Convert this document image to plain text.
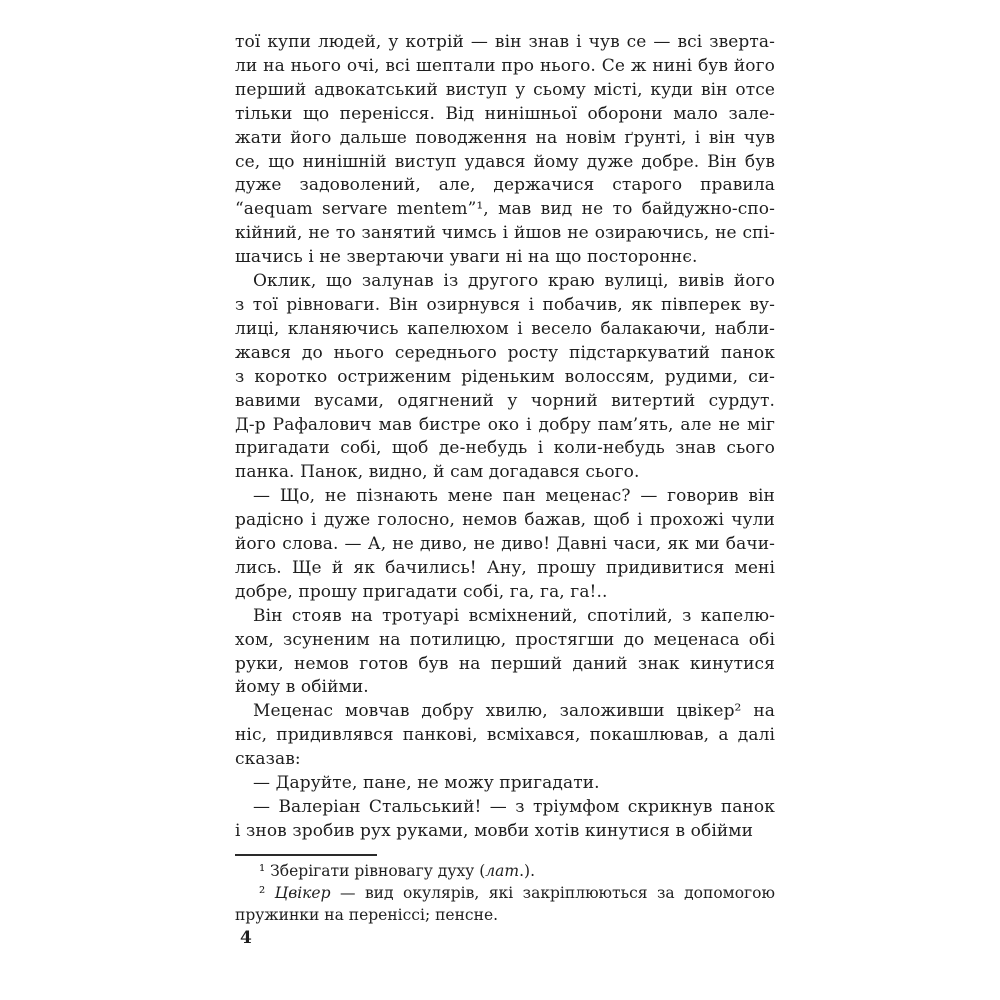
тої купи людей, у котрій — він знав і чув се — всі зверта-
ли на нього очі, всі шептали про нього. Се ж нині був його
перший адвокатський виступ у сьому місті, куди він отсе
тільки що перенісся. Від нинішньої оборони мало зале-
жати його дальше поводження на новім ґрунті, і він чув
се, що нинішній виступ удався йому дуже добре. Він був
дуже задоволений, але, держачися старого правила
“aequam servare mentem”¹, мав вид не то байдужно-спо-
кійний, не то занятий чимсь і йшов не озираючись, не спі-
шачись і не звертаючи уваги ні на що постороннє.
Оклик, що залунав із другого краю вулиці, вивів його
з тої рівноваги. Він озирнувся і побачив, як півперек ву-
лиці, кланяючись капелюхом і весело балакаючи, набли-
жався до нього середнього росту підстаркуватий панок
з коротко остриженим ріденьким волоссям, рудими, си-
вавими вусами, одягнений у чорний витертий сурдут.
Д-р Рафалович мав бистре око і добру пам’ять, але не міг
пригадати собі, щоб де-небудь і коли-небудь знав сього
панка. Панок, видно, й сам догадався сього.
— Що, не пізнають мене пан меценас? — говорив він
радісно і дуже голосно, немов бажав, щоб і прохожі чули
його слова. — А, не диво, не диво! Давні часи, як ми бачи-
лись. Ще й як бачились! Ану, прошу придивитися мені
добре, прошу пригадати собі, га, га, га!..
Він стояв на тротуарі всміхнений, спотілий, з капелю-
хом, зсуненим на потилицю, простягши до меценаса обі
руки, немов готов був на перший даний знак кинутися
йому в обійми.
Меценас мовчав добру хвилю, заложивши цвікер² на
ніс, придивлявся панкові, всміхався, покашлював, а далі
сказав:
— Даруйте, пане, не можу пригадати.
— Валеріан Стальський! — з тріумфом скрикнув панок
і знов зробив рух руками, мовби хотів кинутися в обійми
¹ Зберігати рівновагу духу (лат.).
² Цвікер — вид окулярів, які закріплюються за допомогою
пружинки на переніссі; пенсне.
4
